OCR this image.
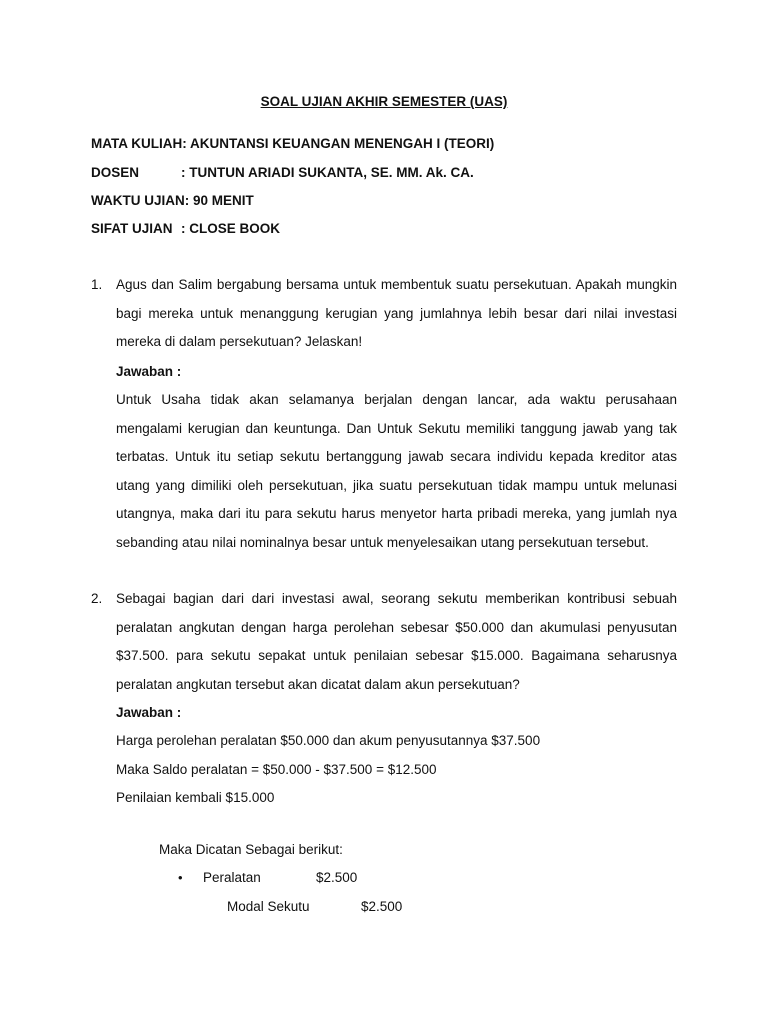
SOAL UJIAN AKHIR SEMESTER (UAS)
MATA KULIAH: AKUNTANSI KEUANGAN MENENGAH I (TEORI)
DOSEN	: TUNTUN ARIADI SUKANTA, SE. MM. Ak. CA.
WAKTU UJIAN: 90 MENIT
SIFAT UJIAN : CLOSE BOOK
1. Agus dan Salim bergabung bersama untuk membentuk suatu persekutuan. Apakah mungkin bagi mereka untuk menanggung kerugian yang jumlahnya lebih besar dari nilai investasi mereka di dalam persekutuan? Jelaskan!

Jawaban :

Untuk Usaha tidak akan selamanya berjalan dengan lancar, ada waktu perusahaan mengalami kerugian dan keuntunga. Dan Untuk Sekutu memiliki tanggung jawab yang tak terbatas. Untuk itu setiap sekutu bertanggung jawab secara individu kepada kreditor atas utang yang dimiliki oleh persekutuan, jika suatu persekutuan tidak mampu untuk melunasi utangnya, maka dari itu para sekutu harus menyetor harta pribadi mereka, yang jumlah nya sebanding atau nilai nominalnya besar untuk menyelesaikan utang persekutuan tersebut.

2. Sebagai bagian dari dari investasi awal, seorang sekutu memberikan kontribusi sebuah peralatan angkutan dengan harga perolehan sebesar $50.000 dan akumulasi penyusutan $37.500. para sekutu sepakat untuk penilaian sebesar $15.000. Bagaimana seharusnya peralatan angkutan tersebut akan dicatat dalam akun persekutuan?

Jawaban :
Harga perolehan peralatan $50.000 dan akum penyusutannya $37.500
Maka Saldo peralatan = $50.000 - $37.500 = $12.500
Penilaian kembali $15.000
Maka Dicatan Sebagai berikut:
• Peralatan	$2.500
Modal Sekutu	$2.500
